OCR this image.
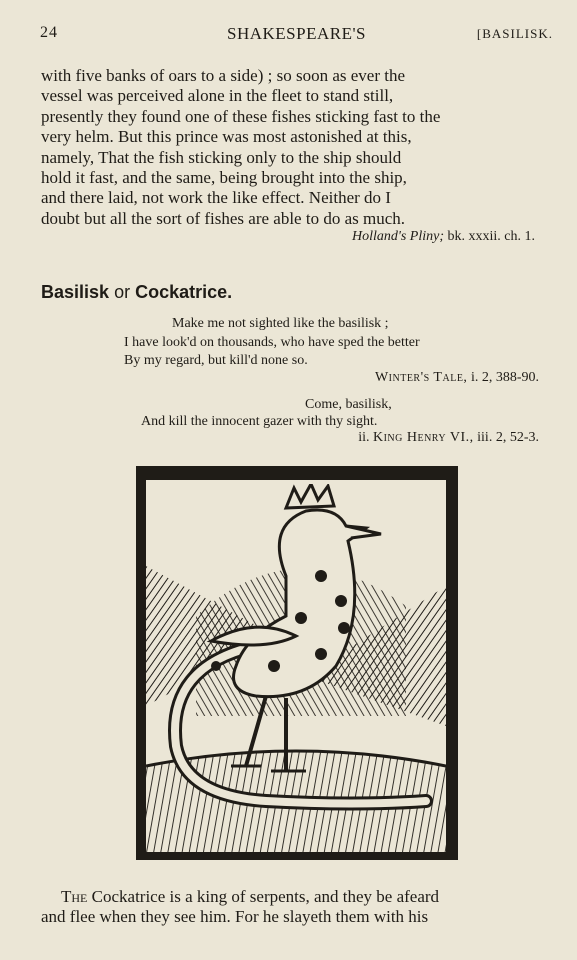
24	SHAKESPEARE'S	[BASILISK.
with five banks of oars to a side) ; so soon as ever the
vessel was perceived alone in the fleet to stand still,
presently they found one of these fishes sticking fast to the
very helm. But this prince was most astonished at this,
namely, That the fish sticking only to the ship should
hold it fast, and the same, being brought into the ship,
and there laid, not work the like effect. Neither do I
doubt but all the sort of fishes are able to do as much.
Holland's Pliny; bk. xxxii. ch. 1.
Basilisk or Cockatrice.
Make me not sighted like the basilisk ;
I have look'd on thousands, who have sped the better
By my regard, but kill'd none so.
Winter's Tale, i. 2, 388-90.
Come, basilisk,
And kill the innocent gazer with thy sight.
ii. King Henry VI., iii. 2, 52-3.
The Cockatrice is a king of serpents, and they be afeard
and flee when they see him. For he slayeth them with his
